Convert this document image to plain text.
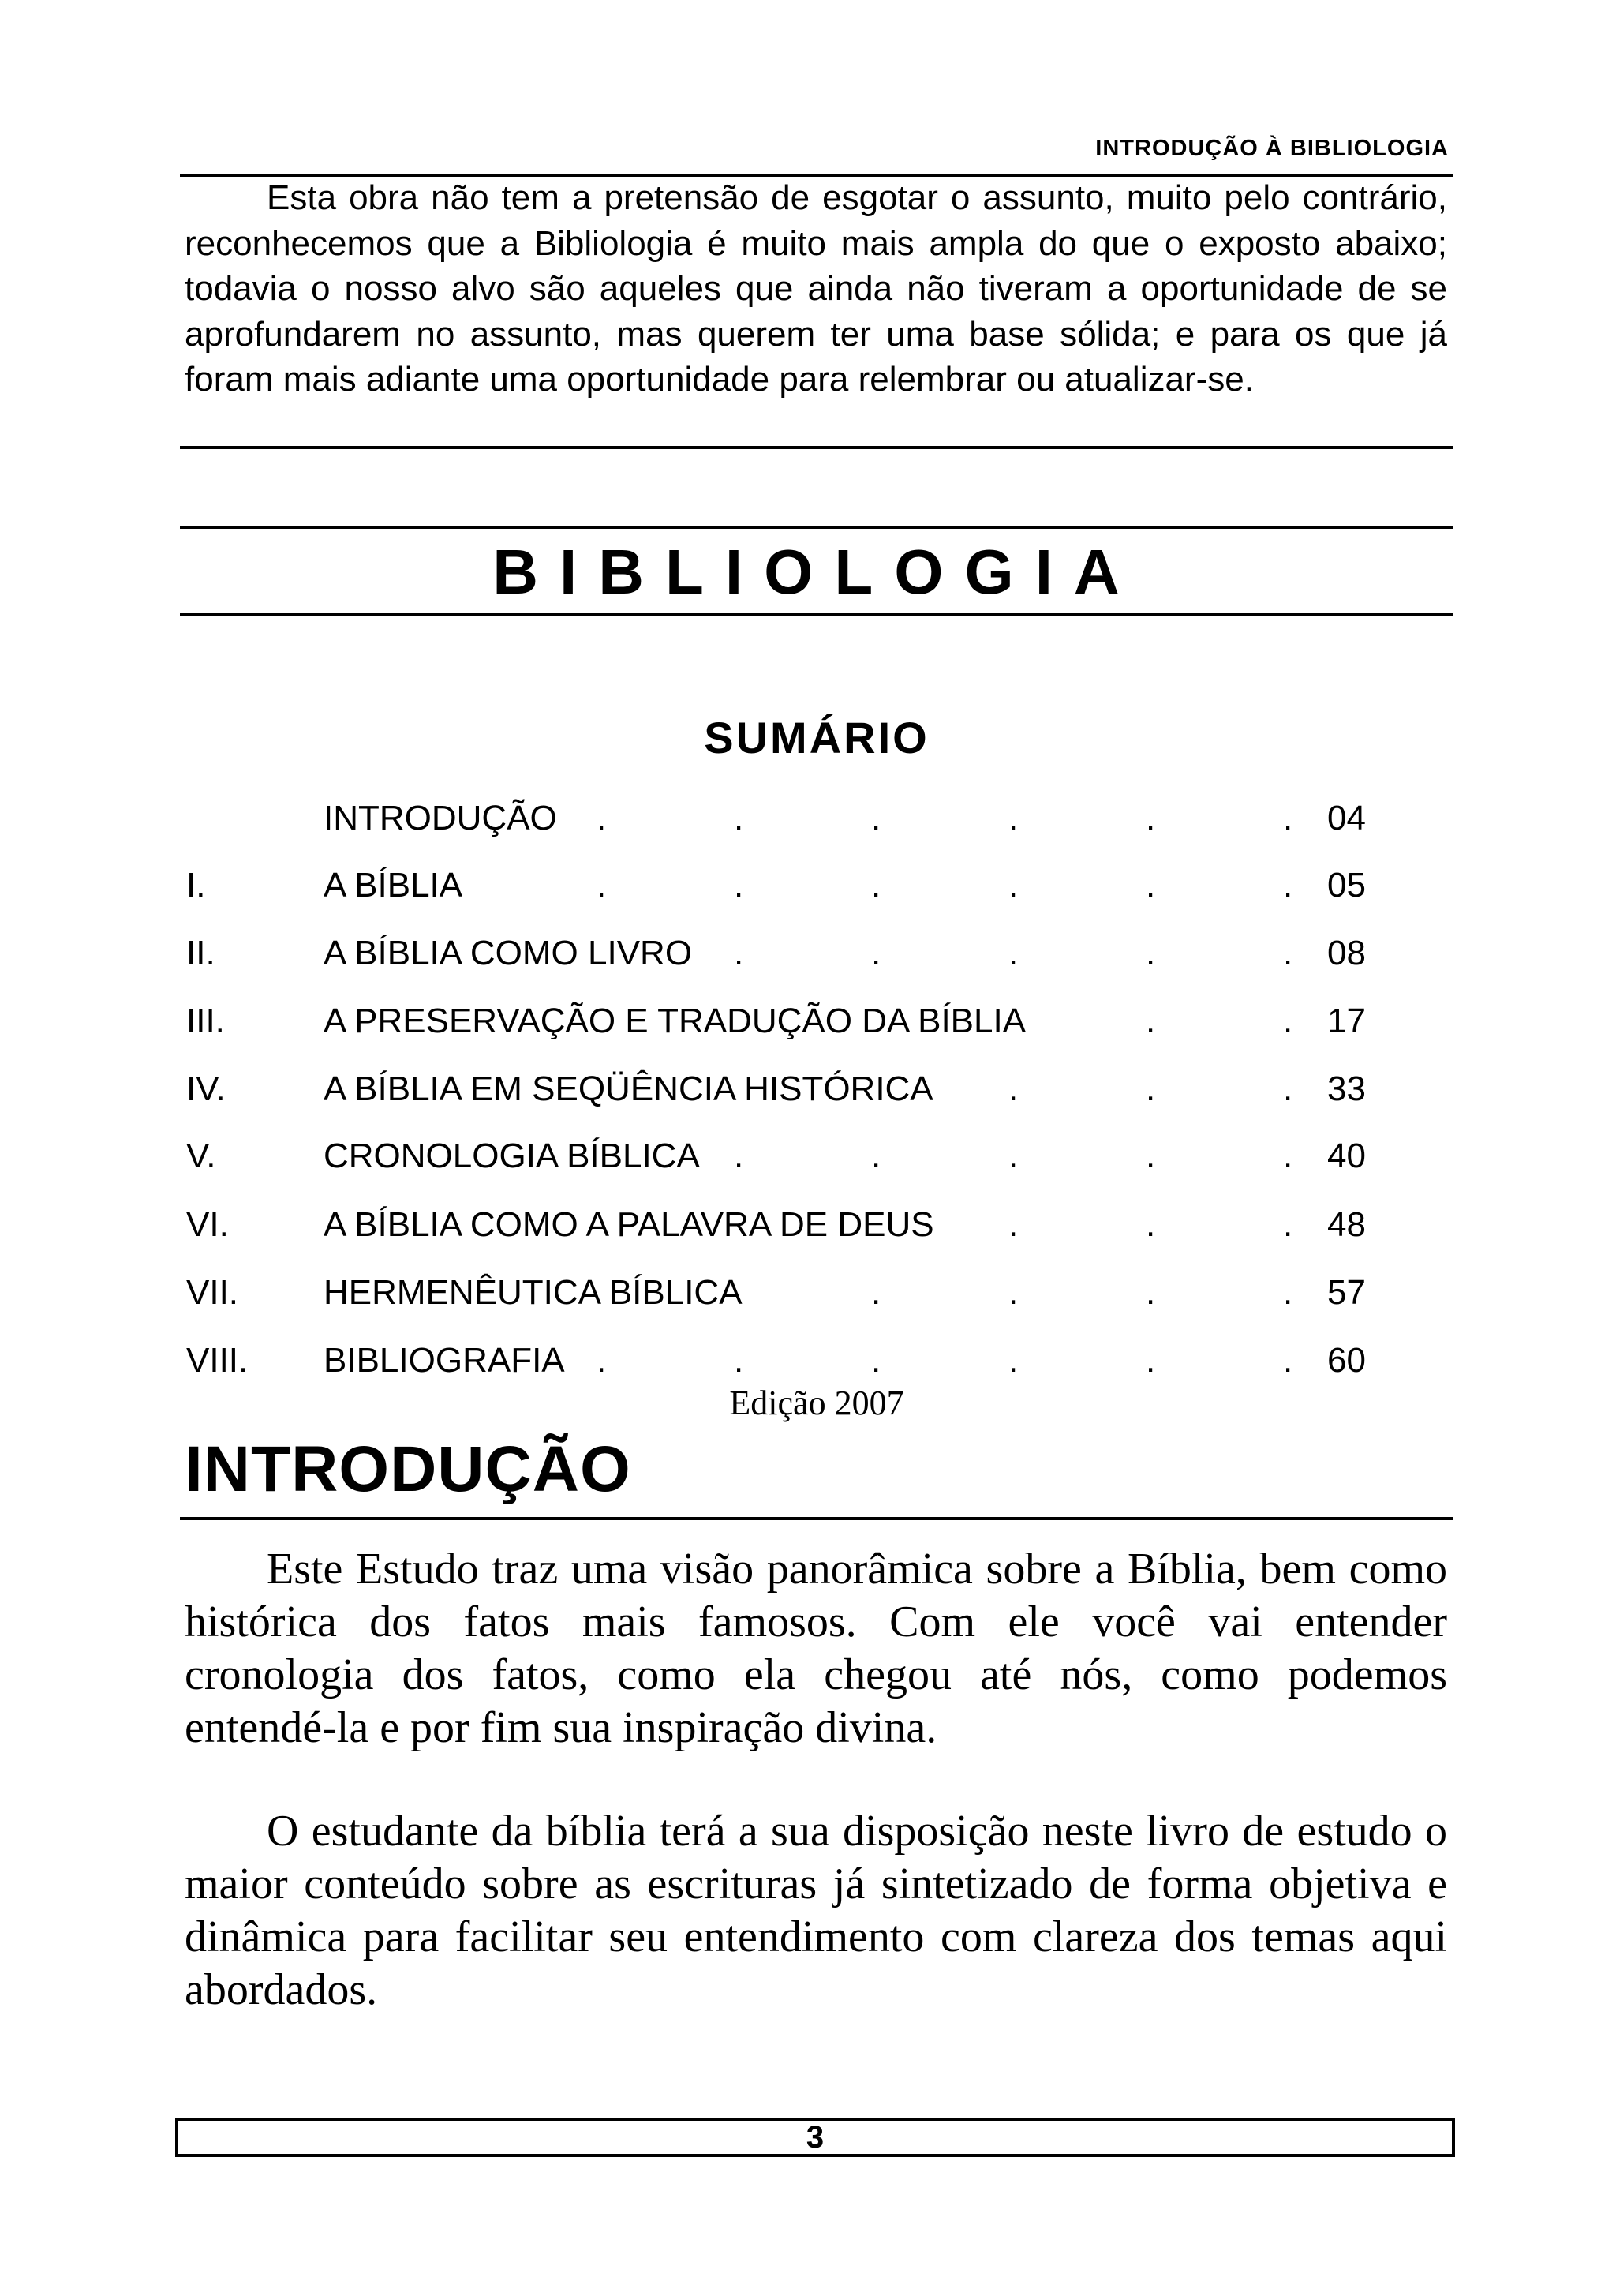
INTRODUÇÃO À BIBLIOLOGIA

Esta obra não tem a pretensão de esgotar o assunto, muito pelo contrário, reconhecemos que a Bibliologia é muito mais ampla do que o exposto abaixo; todavia o nosso alvo são aqueles que ainda não tiveram a oportunidade de se aprofundarem no assunto, mas querem ter uma base sólida; e para os que já foram mais adiante uma oportunidade para relembrar ou atualizar-se.

BIBLIOLOGIA
SUMÁRIO
INTRODUÇÃO	04
I.	A BÍBLIA	05
II.	A BÍBLIA COMO LIVRO	08
III.	A PRESERVAÇÃO E TRADUÇÃO DA BÍBLIA	17
IV.	A BÍBLIA EM SEQÜÊNCIA HISTÓRICA	33
V.	CRONOLOGIA BÍBLICA	40
VI.	A BÍBLIA COMO A PALAVRA DE DEUS	48
VII. HERMENÊUTICA BÍBLICA	57
VIII. BIBLIOGRAFIA	60
.	.	.	.	.	.
.	.	.	.	.	.
.	.	.	.	.
.	.
.	.	.
.	.	.	.	.
.	.	.
.	.	.	.
.	.	.	.	.	.
Edição 2007
INTRODUÇÃO

Este Estudo traz uma visão panorâmica sobre a Bíblia, bem como histórica dos fatos mais famosos. Com ele você vai entender cronologia dos fatos, como ela chegou até nós, como podemos entendé-la e por fim sua inspiração divina.

O estudante da bíblia terá a sua disposição neste livro de estudo o maior conteúdo sobre as escrituras já sintetizado de forma objetiva e dinâmica para facilitar seu entendimento com clareza dos temas aqui abordados.

3
